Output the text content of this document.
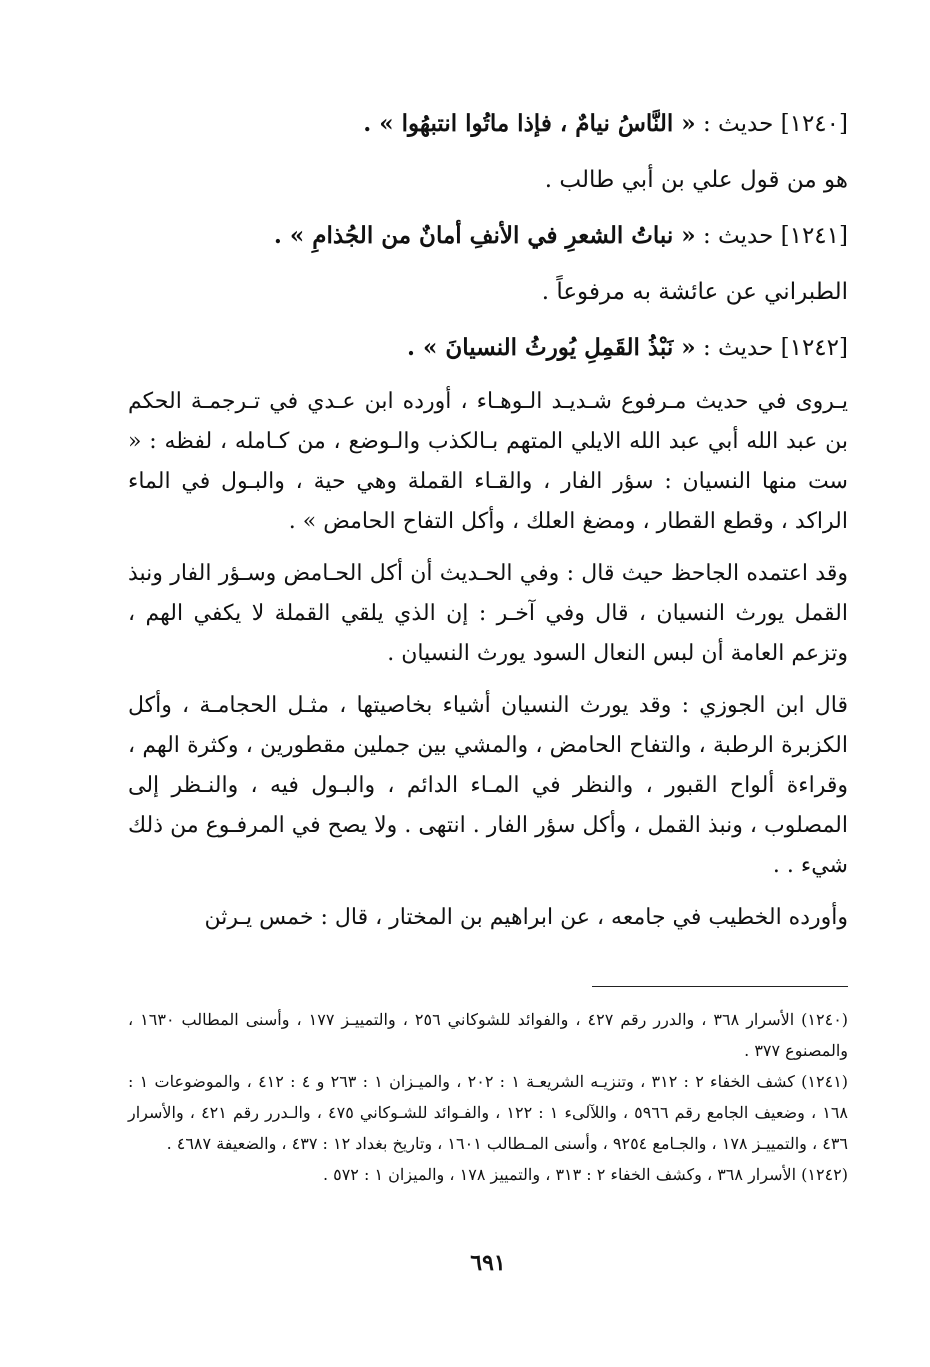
[١٢٤٠] حديث : « النَّاسُ نيامٌ ، فإذا ماتُوا انتبهُوا » .

هو من قول علي بن أبي طالب .

[١٢٤١] حديث : « نباتُ الشعرِ في الأنفِ أمانٌ من الجُذامِ » .

الطبراني عن عائشة به مرفوعاً .

[١٢٤٢] حديث : « نَبْذُ القَمِلِ يُورثُ النسيانَ » .

يـروى في حديث مـرفوع شـديـد الـوهـاء ، أورده ابن عـدي في تـرجمـة الحكم بن عبد الله أبي عبد الله الايلي المتهم بـالكذب والـوضع ، من كـامله ، لفظه : « ست منها النسيان : سؤر الفار ، والقـاء القملة وهي حية ، والبـول في الماء الراكد ، وقطع القطار ، ومضغ العلك ، وأكل التفاح الحامض » .

وقد اعتمده الجاحظ حيث قال : وفي الحـديث أن أكل الحـامض وسـؤر الفار ونبذ القمل يورث النسيان ، قال وفي آخـر : إن الذي يلقي القملة لا يكفي الهم ، وتزعم العامة أن لبس النعال السود يورث النسيان .

قال ابن الجوزي : وقد يورث النسيان أشياء بخاصيتها ، مثـل الحجامـة ، وأكل الكزبرة الرطبة ، والتفاح الحامض ، والمشي بين جملين مقطورين ، وكثرة الهم ، وقراءة ألواح القبور ، والنظر في المـاء الدائم ، والبـول فيه ، والنـظر إلى المصلوب ، ونبذ القمل ، وأكل سؤر الفار . انتهى . ولا يصح في المرفـوع من ذلك شيء . .

وأورده الخطيب في جامعه ، عن ابراهيم بن المختار ، قال : خمس يـرثن

(١٢٤٠) الأسرار ٣٦٨ ، والدرر رقم ٤٢٧ ، والفوائد للشوكاني ٢٥٦ ، والتمييـز ١٧٧ ، وأسنى المطالب ١٦٣٠ ، والمصنوع ٣٧٧ .

(١٢٤١) كشف الخفاء ٢ : ٣١٢ ، وتنزيـه الشريعـة ١ : ٢٠٢ ، والميـزان ١ : ٢٦٣ و ٤ : ٤١٢ ، والموضوعات ١ : ١٦٨ ، وضعيف الجامع رقم ٥٩٦٦ ، واللآلىء ١ : ١٢٢ ، والفـوائد للشـوكاني ٤٧٥ ، والـدرر رقم ٤٢١ ، والأسرار ٤٣٦ ، والتمييـز ١٧٨ ، والجـامع ٩٢٥٤ ، وأسنى المـطالب ١٦٠١ ، وتاريخ بغداد ١٢ : ٤٣٧ ، والضعيفة ٤٦٨٧ .

(١٢٤٢) الأسرار ٣٦٨ ، وكشف الخفاء ٢ : ٣١٣ ، والتمييز ١٧٨ ، والميزان ١ : ٥٧٢ .

٦٩١
